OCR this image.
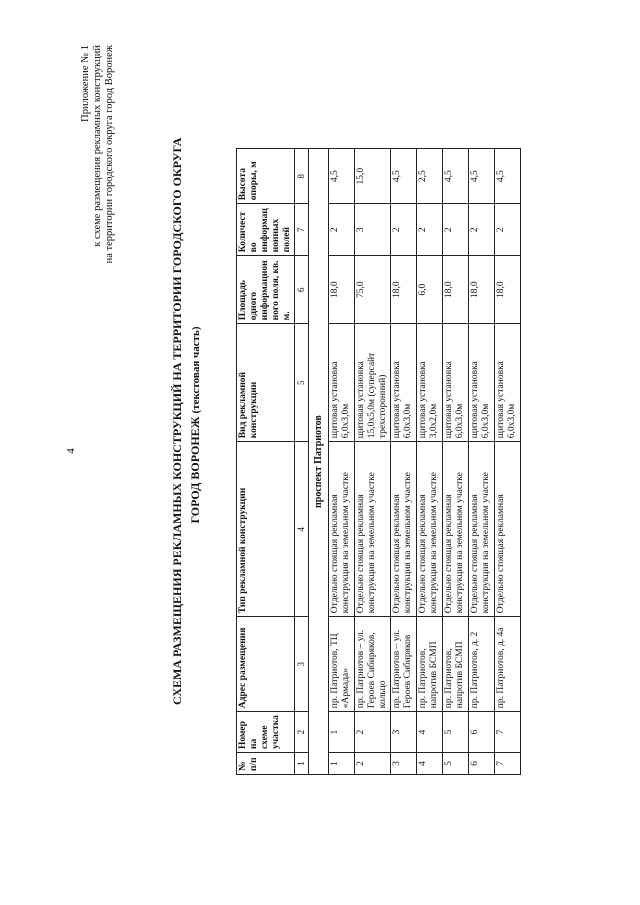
4
Приложение № 1 к схеме размещения рекламных конструкций на территории городского округа город Воронеж	СХЕМА РАЗМЕЩЕНИЯ РЕКЛАМНЫХ КОНСТРУКЦИЙ НА ТЕРРИТОРИИ ГОРОДСКОГО ОКРУГА ГОРОД ВОРОНЕЖ (текстовая часть)
№ п/п	Номер на схеме участка	Адрес размещения	Тип рекламной конструкции	Вид рекламной конструкции	Площадь одного информацион ного поля, кв. м.	Количест во информац ионных полей	Высота опоры, м
1	2	3	4	5	6	7	8
проспект Патриотов							
1	1	пр. Патриотов, ТЦ «Армада»	Отдельно стоящая рекламная конструкция на земельном участке	щитовая установка 6,0х3,0м	18,0	2	4,5
2	2	пр. Патриотов – ул. Героев Сибиряков, кольцо	Отдельно стоящая рекламная конструкция на земельном участке	щитовая установка 15,0х5,0м (суперсайт трехсторонний)	75,0	3	15,0
3	3	пр. Патриотов – ул. Героев Сибиряков	Отдельно стоящая рекламная конструкция на земельном участке	щитовая установка 6,0х3,0м	18,0	2	4,5
4	4	пр. Патриотов, напротив БСМП	Отдельно стоящая рекламная конструкция на земельном участке	щитовая установка 3,0х2,0м	6,0	2	2,5
5	5	пр. Патриотов, напротив БСМП	Отдельно стоящая рекламная конструкция на земельном участке	щитовая установка 6,0х3,0м	18,0	2	4,5
6	6	пр. Патриотов, д. 2	Отдельно стоящая рекламная конструкция на земельном участке	щитовая установка 6,0х3,0м	18,0	2	4,5
7	7	пр. Патриотов, д. 4а	Отдельно стоящая рекламная	щитовая установка 6,0х3,0м	18,0	2	4,5
